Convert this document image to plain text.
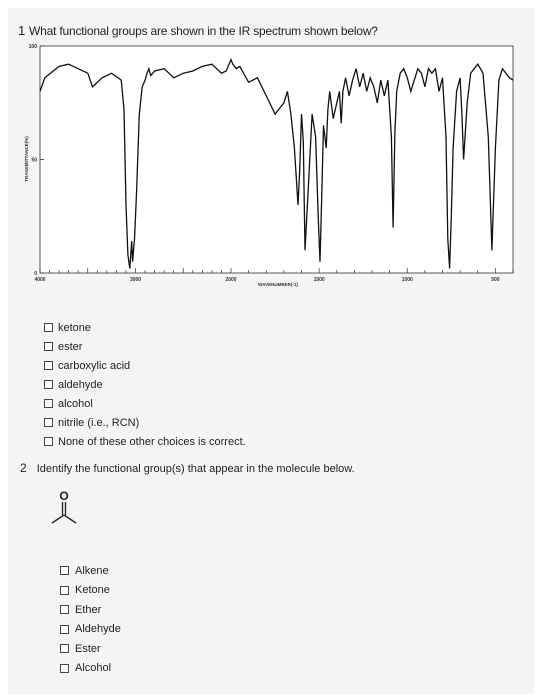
1 What functional groups are shown in the IR spectrum shown below?
4000	3000	2000	1500	1000	500
0
50
100
WAVENUMBER(-1)
TRANSMITTANCE(%)
ketone
ester
carboxylic acid
aldehyde
alcohol
nitrile (i.e., RCN)
None of these other choices is correct.
2 Identify the functional group(s) that appear in the molecule below.
O
Alkene
Ketone
Ether
Aldehyde
Ester
Alcohol
